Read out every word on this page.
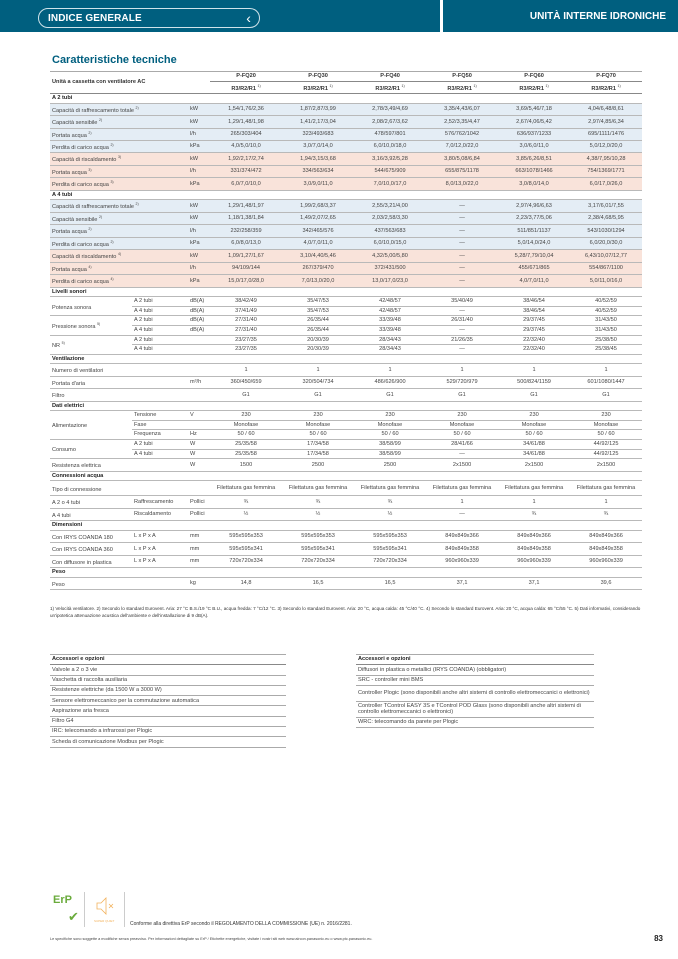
INDICE GENERALE	‹	UNITÀ INTERNE IDRONICHE
Caratteristiche tecniche
Unità a cassetta con ventilatore AC			P-FQ20	P-FQ30	P-FQ40	P-FQ50	P-FQ60	P-FQ70
			R3/R2/R1 $^{1)}$	R3/R2/R1 $^{1)}$	R3/R2/R1 $^{1)}$	R3/R2/R1 $^{1)}$	R3/R2/R1 $^{1)}$	R3/R2/R1 $^{1)}$
A 2 tubi								
Capacità di raffrescamento totale $^{2)}$		kW	1,54/1,76/2,36	1,87/2,87/3,99	2,78/3,49/4,69	3,35/4,43/6,07	3,69/5,46/7,18	4,04/6,48/8,61
Capacità sensibile $^{2)}$		kW	1,29/1,48/1,98	1,41/2,17/3,04	2,08/2,67/3,62	2,52/3,35/4,47	2,67/4,06/5,42	2,97/4,85/6,34
Portata acqua $^{2)}$		l/h	265/303/404	323/493/683	478/597/801	576/762/1042	636/937/1233	695/1111/1476
Perdita di carico acqua $^{2)}$		kPa	4,0/5,0/10,0	3,0/7,0/14,0	6,0/10,0/18,0	7,0/12,0/22,0	3,0/6,0/11,0	5,0/12,0/20,0
Capacità di riscaldamento $^{3)}$		kW	1,92/2,17/2,74	1,94/3,15/3,68	3,16/3,92/5,28	3,80/5,08/6,84	3,85/6,26/8,51	4,38/7,95/10,28
Portata acqua $^{3)}$		l/h	331/374/472	334/563/634	544/675/909	655/875/1178	663/1078/1466	754/1369/1771
Perdita di carico acqua $^{3)}$		kPa	6,0/7,0/10,0	3,0/9,0/11,0	7,0/10,0/17,0	8,0/13,0/22,0	3,0/8,0/14,0	6,0/17,0/26,0
A 4 tubi								
Capacità di raffrescamento totale $^{2)}$		kW	1,29/1,48/1,97	1,99/2,68/3,37	2,55/3,21/4,00	—	2,97/4,96/6,63	3,17/6,01/7,55
Capacità sensibile $^{2)}$		kW	1,18/1,38/1,84	1,49/2,07/2,65	2,03/2,58/3,30	—	2,23/3,77/5,06	2,38/4,68/5,95
Portata acqua $^{2)}$		l/h	232/258/359	342/465/576	437/563/683	—	511/851/1137	543/1030/1294
Perdita di carico acqua $^{2)}$		kPa	6,0/8,0/13,0	4,0/7,0/11,0	6,0/10,0/15,0	—	5,0/14,0/24,0	6,0/20,0/30,0
Capacità di riscaldamento $^{4)}$		kW	1,09/1,27/1,67	3,10/4,40/5,46	4,32/5,00/5,80	—	5,28/7,79/10,04	6,43/10,07/12,77
Portata acqua $^{4)}$		l/h	94/109/144	267/379/470	372/431/500	—	455/671/865	554/867/1100
Perdita di carico acqua $^{4)}$		kPa	15,0/17,0/28,0	7,0/13,0/20,0	13,0/17,0/23,0	—	4,0/7,0/11,0	5,0/11,0/16,0
Livelli sonori								
Potenza sonora	A 2 tubi	dB(A)	38/42/49	35/47/53	42/48/57	35/40/49	38/46/54	40/52/59
	A 4 tubi	dB(A)	37/41/49	35/47/53	42/48/57	—	38/46/54	40/52/59
Pressione sonora $^{5)}$	A 2 tubi	dB(A)	27/31/40	26/35/44	33/39/48	26/31/40	29/37/45	31/43/50
	A 4 tubi	dB(A)	27/31/40	26/35/44	33/39/48	—	29/37/45	31/43/50
NR $^{5)}$	A 2 tubi		23/27/35	20/30/39	28/34/43	21/26/35	22/32/40	25/38/50
	A 4 tubi		23/27/35	20/30/39	28/34/43	—	22/32/40	25/38/45
Ventilazione								
Numero di ventilatori			1	1	1	1	1	1
Portata d'aria		m³/h	360/450/659	320/504/734	486/626/900	529/720/979	500/824/1159	601/1080/1447
Filtro			G1	G1	G1	G1	G1	G1
Dati elettrici								
Alimentazione	Tensione	V	230	230	230	230	230	230
	Fase		Monofase	Monofase	Monofase	Monofase	Monofase	Monofase
	Frequenza	Hz	50 / 60	50 / 60	50 / 60	50 / 60	50 / 60	50 / 60
Consumo	A 2 tubi	W	25/35/58	17/34/58	38/58/99	28/41/66	34/61/88	44/92/125
	A 4 tubi	W	25/35/58	17/34/58	38/58/99	—	34/61/88	44/92/125
Resistenza elettrica		W	1500	2500	2500	2x1500	2x1500	2x1500
Connessioni acqua								
Tipo di connessione			Filettatura gas femmina	Filettatura gas femmina	Filettatura gas femmina	Filettatura gas femmina	Filettatura gas femmina	Filettatura gas femmina
A 2 o 4 tubi	Raffrescamento	Pollici	¾	¾	¾	1	1	1
A 4 tubi	Riscaldamento	Pollici	½	½	½	—	¾	¾
Dimensioni								
Con IRYS COANDA 180	L x P x A	mm	595x595x353	595x595x353	595x595x353	849x849x366	849x849x366	849x849x366
Con IRYS COANDA 360	L x P x A	mm	595x595x341	595x595x341	595x595x341	849x849x358	849x849x358	849x849x358
Con diffusore in plastica	L x P x A	mm	720x720x334	720x720x334	720x720x334	960x960x339	960x960x339	960x960x339
Peso								
Peso		kg	14,8	16,5	16,5	37,1	37,1	39,6
1) Velocità ventilatore. 2) Secondo lo standard Eurovent. Aria: 27 °C B.S./19 °C B.U., acqua fredda: 7 °C/12 °C. 3) Secondo lo standard Eurovent. Aria: 20 °C, acqua calda: 45 °C/40 °C. 4) Secondo lo standard Eurovent. Aria: 20 °C, acqua calda: 65 °C/55 °C. 5) Dati informativi, considerando un'ipotetica attenuazione acustica dell'ambiente e dell'installazione di 9 dB(A).
Accessori e opzioni
Valvole a 2 o 3 vie
Vaschetta di raccolta ausiliaria
Resistenze elettriche (da 1500 W a 3000 W)
Sensore elettromeccanico per la commutazione automatica
Aspirazione aria fresca
Filtro G4
IRC: telecomando a infrarossi per Plogic
Scheda di comunicazione Modbus per Plogic
Accessori e opzioni
Diffusori in plastica o metallici (IRYS COANDA) (obbligatori)
SRC - controller mini BMS
Controller Plogic (sono disponibili anche altri sistemi di controllo elettromeccanici o elettronici)
Controller TControl EASY 3S e TControl POD Glass (sono disponibili anche altri sistemi di controllo elettromeccanici o elettronici)
WRC: telecomando da parete per Plogic
ErP
✔	SUPER QUIET	Conforme alla direttiva ErP secondo il REGOLAMENTO DELLA COMMISSIONE (UE) n. 2016/2281.
Le specifiche sono soggette a modifiche senza preavviso. Per informazioni dettagliate su ErP / Etichette energetiche, visitate i nostri siti web www.aircon.panasonic.eu o www.ptc.panasonic.eu.	83
